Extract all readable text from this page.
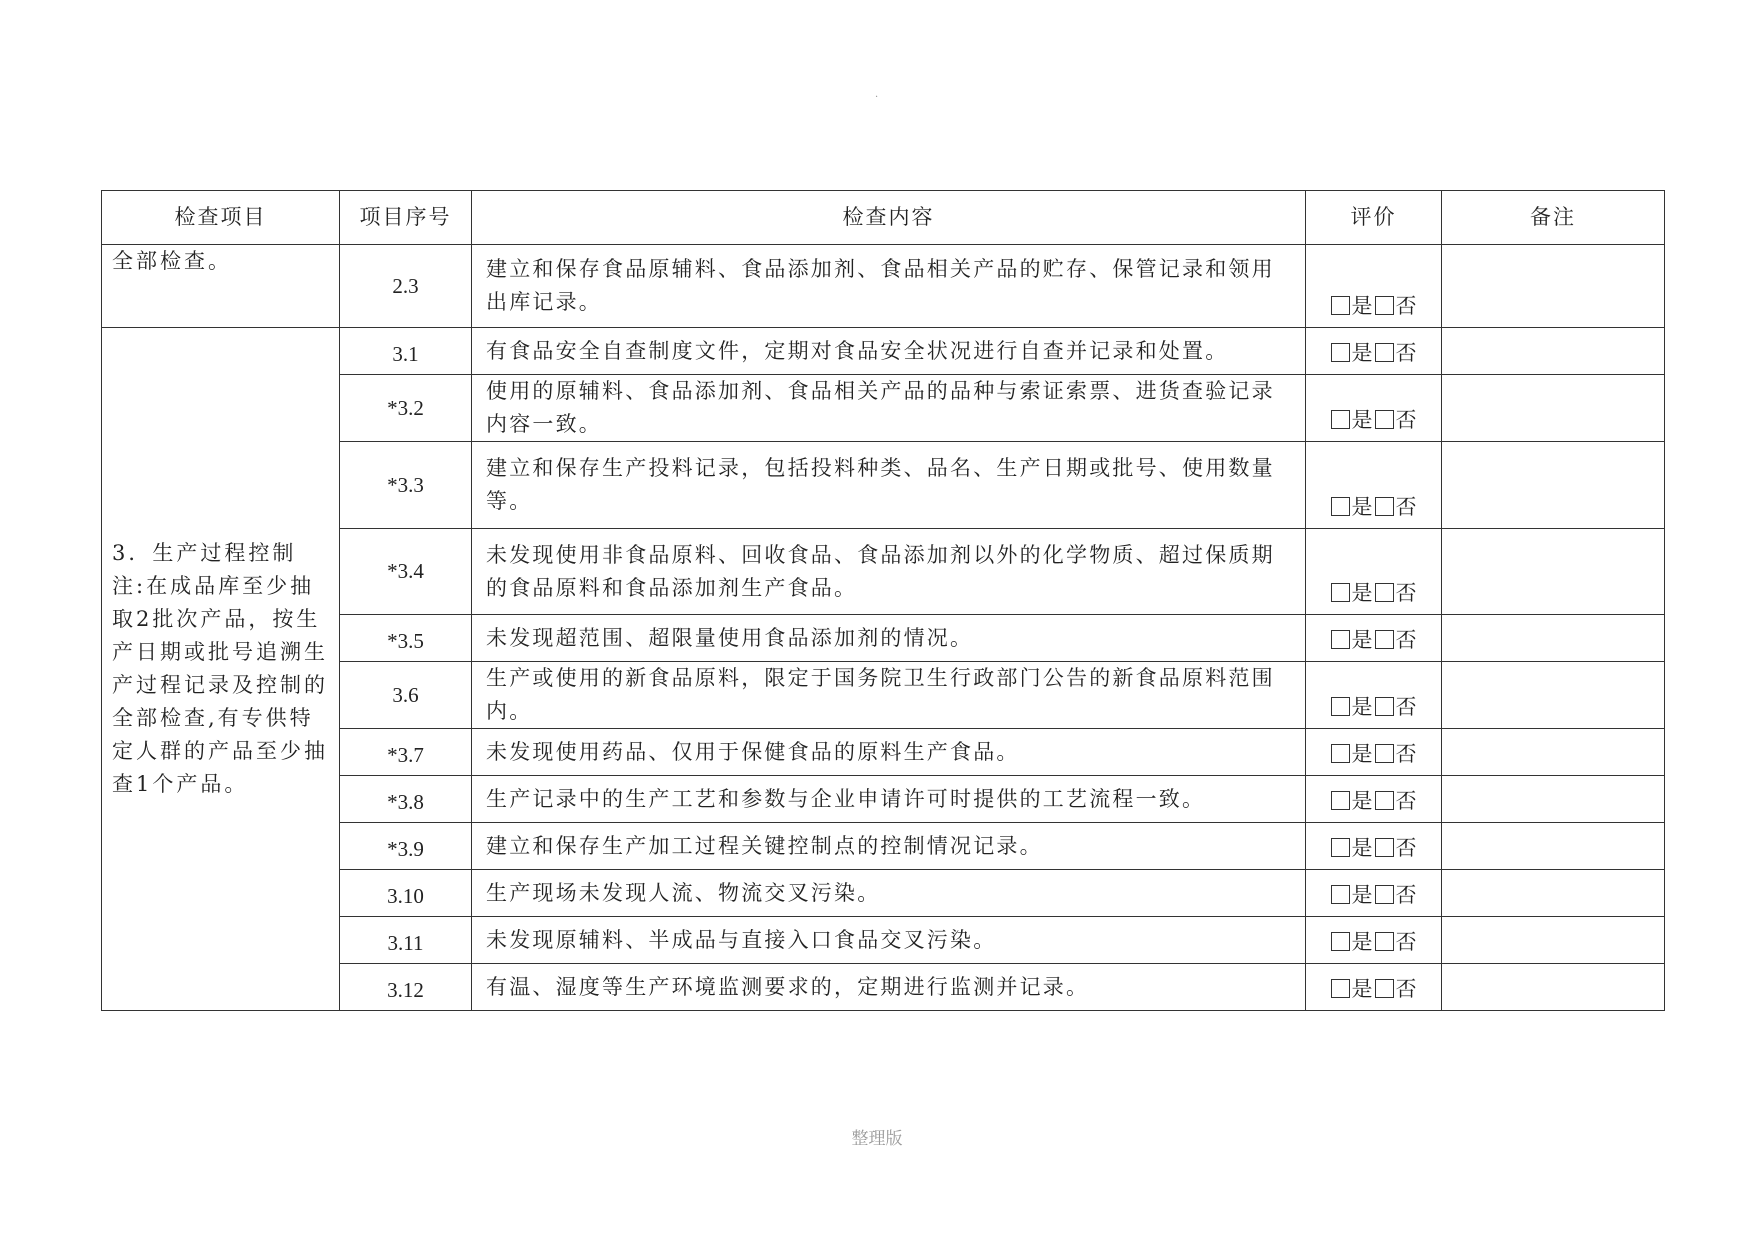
·
检查项目	项目序号	检查内容	评价	备注
全部检查。	2.3	建立和保存食品原辅料、食品添加剂、食品相关产品的贮存、保管记录和领用出库记录。	是 否	
3．生产过程控制注:在成品库至少抽取2批次产品，按生产日期或批号追溯生产过程记录及控制的全部检查,有专供特定人群的产品至少抽查1个产品。	3.1	有食品安全自查制度文件，定期对食品安全状况进行自查并记录和处置。	是 否	
	*3.2	使用的原辅料、食品添加剂、食品相关产品的品种与索证索票、进货查验记录内容一致。	是 否	
	*3.3	建立和保存生产投料记录，包括投料种类、品名、生产日期或批号、使用数量等。	是 否	
	*3.4	未发现使用非食品原料、回收食品、食品添加剂以外的化学物质、超过保质期的食品原料和食品添加剂生产食品。	是 否	
	*3.5	未发现超范围、超限量使用食品添加剂的情况。	是 否	
	3.6	生产或使用的新食品原料，限定于国务院卫生行政部门公告的新食品原料范围内。	是 否	
	*3.7	未发现使用药品、仅用于保健食品的原料生产食品。	是 否	
	*3.8	生产记录中的生产工艺和参数与企业申请许可时提供的工艺流程一致。	是 否	
	*3.9	建立和保存生产加工过程关键控制点的控制情况记录。	是 否	
	3.10	生产现场未发现人流、物流交叉污染。	是 否	
	3.11	未发现原辅料、半成品与直接入口食品交叉污染。	是 否	
	3.12	有温、湿度等生产环境监测要求的，定期进行监测并记录。	是 否	
整理版
